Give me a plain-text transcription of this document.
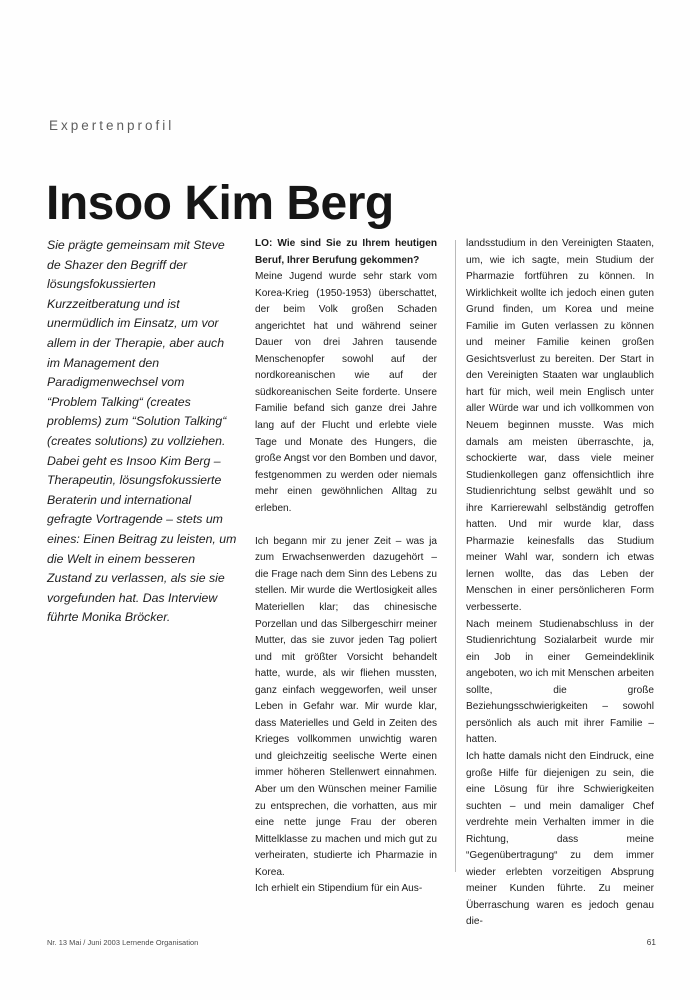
Expertenprofil
Insoo Kim Berg

Sie prägte gemeinsam mit Steve de Shazer den Begriff der lösungsfokussierten Kurzzeitberatung und ist unermüdlich im Einsatz, um vor allem in der Therapie, aber auch im Management den Paradigmenwechsel vom “Problem Talking“ (creates problems) zum “Solution Talking“ (creates solutions) zu vollziehen. Dabei geht es Insoo Kim Berg – Therapeutin, lösungsfokussierte Beraterin und international gefragte Vortragende – stets um eines: Einen Beitrag zu leisten, um die Welt in einem besseren Zustand zu verlassen, als sie sie vorgefunden hat. Das Interview führte Monika Bröcker.

LO: Wie sind Sie zu Ihrem heutigen Beruf, Ihrer Berufung gekommen?

Meine Jugend wurde sehr stark vom Korea-Krieg (1950-1953) überschattet, der beim Volk großen Schaden angerichtet hat und während seiner Dauer von drei Jahren tausende Menschenopfer sowohl auf der nordkoreanischen wie auf der südkoreanischen Seite forderte. Unsere Familie befand sich ganze drei Jahre lang auf der Flucht und erlebte viele Tage und Monate des Hungers, die große Angst vor den Bomben und davor, festgenommen zu werden oder niemals mehr einen gewöhnlichen Alltag zu erleben.

Ich begann mir zu jener Zeit – was ja zum Erwachsenwerden dazugehört – die Frage nach dem Sinn des Lebens zu stellen. Mir wurde die Wertlosigkeit alles Materiellen klar; das chinesische Porzellan und das Silbergeschirr meiner Mutter, das sie zuvor jeden Tag poliert und mit größter Vorsicht behandelt hatte, wurde, als wir fliehen mussten, ganz einfach weggeworfen, weil unser Leben in Gefahr war. Mir wurde klar, dass Materielles und Geld in Zeiten des Krieges vollkommen unwichtig waren und gleichzeitig seelische Werte einen immer höheren Stellenwert einnahmen. Aber um den Wünschen meiner Familie zu entsprechen, die vorhatten, aus mir eine nette junge Frau der oberen Mittelklasse zu machen und mich gut zu verheiraten, studierte ich Pharmazie in Korea.

Ich erhielt ein Stipendium für ein Aus-

landsstudium in den Vereinigten Staaten, um, wie ich sagte, mein Studium der Pharmazie fortführen zu können. In Wirklichkeit wollte ich jedoch einen guten Grund finden, um Korea und meine Familie im Guten verlassen zu können und meiner Familie keinen großen Gesichtsverlust zu bereiten. Der Start in den Vereinigten Staaten war unglaublich hart für mich, weil mein Englisch unter aller Würde war und ich vollkommen von Neuem beginnen musste. Was mich damals am meisten überraschte, ja, schockierte war, dass viele meiner Studienkollegen ganz offensichtlich ihre Studienrichtung selbst gewählt und so ihre Karrierewahl selbständig getroffen hatten. Und mir wurde klar, dass Pharmazie keinesfalls das Studium meiner Wahl war, sondern ich etwas lernen wollte, das das Leben der Menschen in einer persönlicheren Form verbesserte.

Nach meinem Studienabschluss in der Studienrichtung Sozialarbeit wurde mir ein Job in einer Gemeindeklinik angeboten, wo ich mit Menschen arbeiten sollte, die große Beziehungsschwierigkeiten – sowohl persönlich als auch mit ihrer Familie – hatten.

Ich hatte damals nicht den Eindruck, eine große Hilfe für diejenigen zu sein, die eine Lösung für ihre Schwierigkeiten suchten – und mein damaliger Chef verdrehte mein Verhalten immer in die Richtung, dass meine “Gegenübertragung“ zu dem immer wieder erlebten vorzeitigen Absprung meiner Kunden führte. Zu meiner Überraschung waren es jedoch genau die-

Nr. 13 Mai / Juni 2003 Lernende Organisation	61
